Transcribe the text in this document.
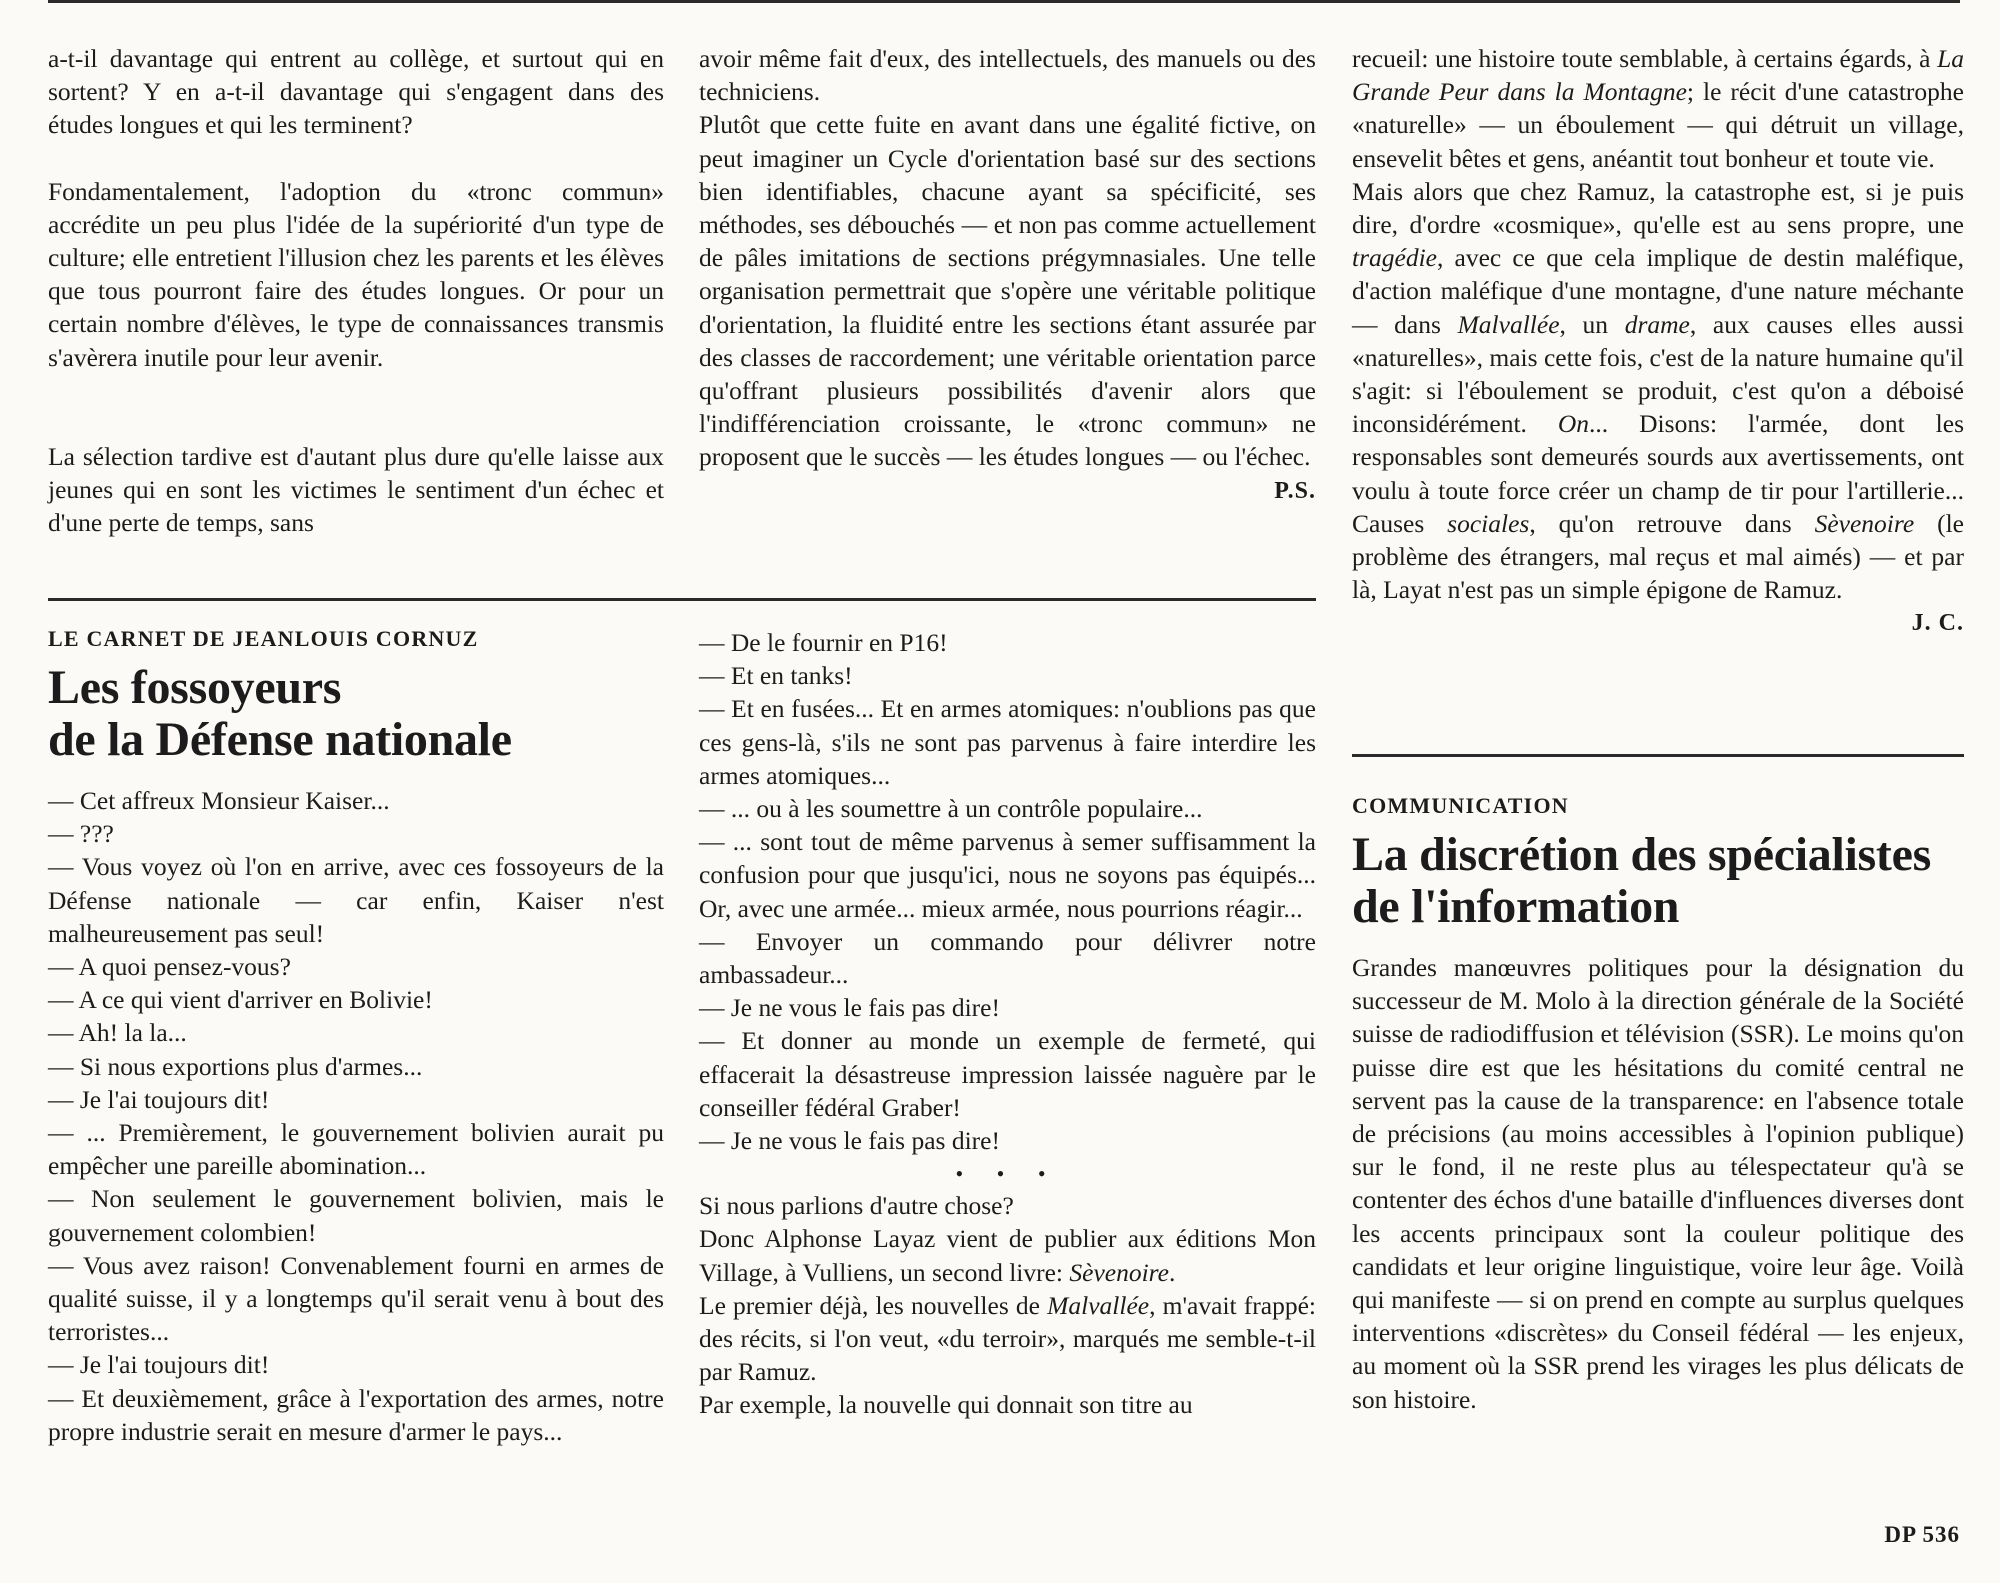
a-t-il davantage qui entrent au collège, et surtout qui en sortent? Y en a-t-il davantage qui s'engagent dans des études longues et qui les terminent?

Fondamentalement, l'adoption du «tronc commun» accrédite un peu plus l'idée de la supériorité d'un type de culture; elle entretient l'illusion chez les parents et les élèves que tous pourront faire des études longues. Or pour un certain nombre d'élèves, le type de connaissances transmis s'avèrera inutile pour leur avenir.

La sélection tardive est d'autant plus dure qu'elle laisse aux jeunes qui en sont les victimes le sentiment d'un échec et d'une perte de temps, sans

avoir même fait d'eux, des intellectuels, des manuels ou des techniciens.

Plutôt que cette fuite en avant dans une égalité fictive, on peut imaginer un Cycle d'orientation basé sur des sections bien identifiables, chacune ayant sa spécificité, ses méthodes, ses débouchés — et non pas comme actuellement de pâles imitations de sections prégymnasiales. Une telle organisation permettrait que s'opère une véritable politique d'orientation, la fluidité entre les sections étant assurée par des classes de raccordement; une véritable orientation parce qu'offrant plusieurs possibilités d'avenir alors que l'indifférenciation croissante, le «tronc commun» ne proposent que le succès — les études longues — ou l'échec.

P.S.

LE CARNET DE JEANLOUIS CORNUZ

Les fossoyeurs
de la Défense nationale

— Cet affreux Monsieur Kaiser...

— ???

— Vous voyez où l'on en arrive, avec ces fossoyeurs de la Défense nationale — car enfin, Kaiser n'est malheureusement pas seul!

— A quoi pensez-vous?

— A ce qui vient d'arriver en Bolivie!

— Ah! la la...

— Si nous exportions plus d'armes...

— Je l'ai toujours dit!

— ... Premièrement, le gouvernement bolivien aurait pu empêcher une pareille abomination...

— Non seulement le gouvernement bolivien, mais le gouvernement colombien!

— Vous avez raison! Convenablement fourni en armes de qualité suisse, il y a longtemps qu'il serait venu à bout des terroristes...

— Je l'ai toujours dit!

— Et deuxièmement, grâce à l'exportation des armes, notre propre industrie serait en mesure d'armer le pays...

— De le fournir en P16!

— Et en tanks!

— Et en fusées... Et en armes atomiques: n'oublions pas que ces gens-là, s'ils ne sont pas parvenus à faire interdire les armes atomiques...

— ... ou à les soumettre à un contrôle populaire...

— ... sont tout de même parvenus à semer suffisamment la confusion pour que jusqu'ici, nous ne soyons pas équipés... Or, avec une armée... mieux armée, nous pourrions réagir...

— Envoyer un commando pour délivrer notre ambassadeur...

— Je ne vous le fais pas dire!

— Et donner au monde un exemple de fermeté, qui effacerait la désastreuse impression laissée naguère par le conseiller fédéral Graber!

— Je ne vous le fais pas dire!

• • •

Si nous parlions d'autre chose?

Donc Alphonse Layaz vient de publier aux éditions Mon Village, à Vulliens, un second livre: Sèvenoire.

Le premier déjà, les nouvelles de Malvallée, m'avait frappé: des récits, si l'on veut, «du terroir», marqués me semble-t-il par Ramuz.

Par exemple, la nouvelle qui donnait son titre au

recueil: une histoire toute semblable, à certains égards, à La Grande Peur dans la Montagne; le récit d'une catastrophe «naturelle» — un éboulement — qui détruit un village, ensevelit bêtes et gens, anéantit tout bonheur et toute vie.

Mais alors que chez Ramuz, la catastrophe est, si je puis dire, d'ordre «cosmique», qu'elle est au sens propre, une tragédie, avec ce que cela implique de destin maléfique, d'action maléfique d'une montagne, d'une nature méchante — dans Malvallée, un drame, aux causes elles aussi «naturelles», mais cette fois, c'est de la nature humaine qu'il s'agit: si l'éboulement se produit, c'est qu'on a déboisé inconsidérément. On... Disons: l'armée, dont les responsables sont demeurés sourds aux avertissements, ont voulu à toute force créer un champ de tir pour l'artillerie... Causes sociales, qu'on retrouve dans Sèvenoire (le problème des étrangers, mal reçus et mal aimés) — et par là, Layat n'est pas un simple épigone de Ramuz.

J. C.

COMMUNICATION

La discrétion des spécialistes
de l'information

Grandes manœuvres politiques pour la désignation du successeur de M. Molo à la direction générale de la Société suisse de radiodiffusion et télévision (SSR). Le moins qu'on puisse dire est que les hésitations du comité central ne servent pas la cause de la transparence: en l'absence totale de précisions (au moins accessibles à l'opinion publique) sur le fond, il ne reste plus au télespectateur qu'à se contenter des échos d'une bataille d'influences diverses dont les accents principaux sont la couleur politique des candidats et leur origine linguistique, voire leur âge. Voilà qui manifeste — si on prend en compte au surplus quelques interventions «discrètes» du Conseil fédéral — les enjeux, au moment où la SSR prend les virages les plus délicats de son histoire.

DP 536
